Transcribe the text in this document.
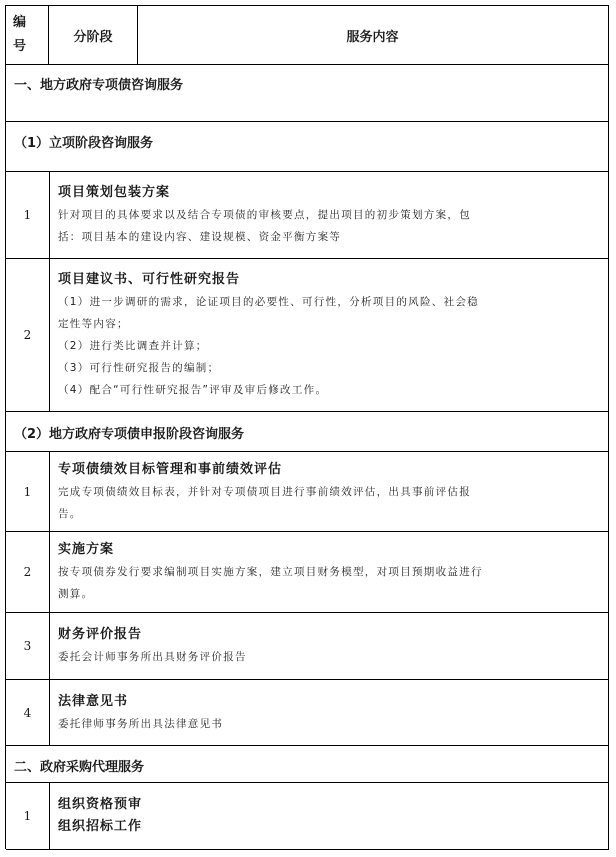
编
号
分阶段	服务内容
一、地方政府专项债咨询服务
（1）立项阶段咨询服务
1
项目策划包装方案
针对项目的具体要求以及结合专项债的审核要点，提出项目的初步策划方案，包
括：项目基本的建设内容、建设规模、资金平衡方案等
2
项目建议书、可行性研究报告
（1）进一步调研的需求，论证项目的必要性、可行性，分析项目的风险、社会稳
定性等内容；
（2）进行类比调查并计算；
（3）可行性研究报告的编制；
（4）配合“可行性研究报告”评审及审后修改工作。
（2）地方政府专项债申报阶段咨询服务
1
专项债绩效目标管理和事前绩效评估
完成专项债绩效目标表，并针对专项债项目进行事前绩效评估，出具事前评估报
告。
2
实施方案
按专项债券发行要求编制项目实施方案，建立项目财务模型，对项目预期收益进行
测算。
3
财务评价报告
委托会计师事务所出具财务评价报告
4
法律意见书
委托律师事务所出具法律意见书
二、政府采购代理服务
1
组织资格预审
组织招标工作
